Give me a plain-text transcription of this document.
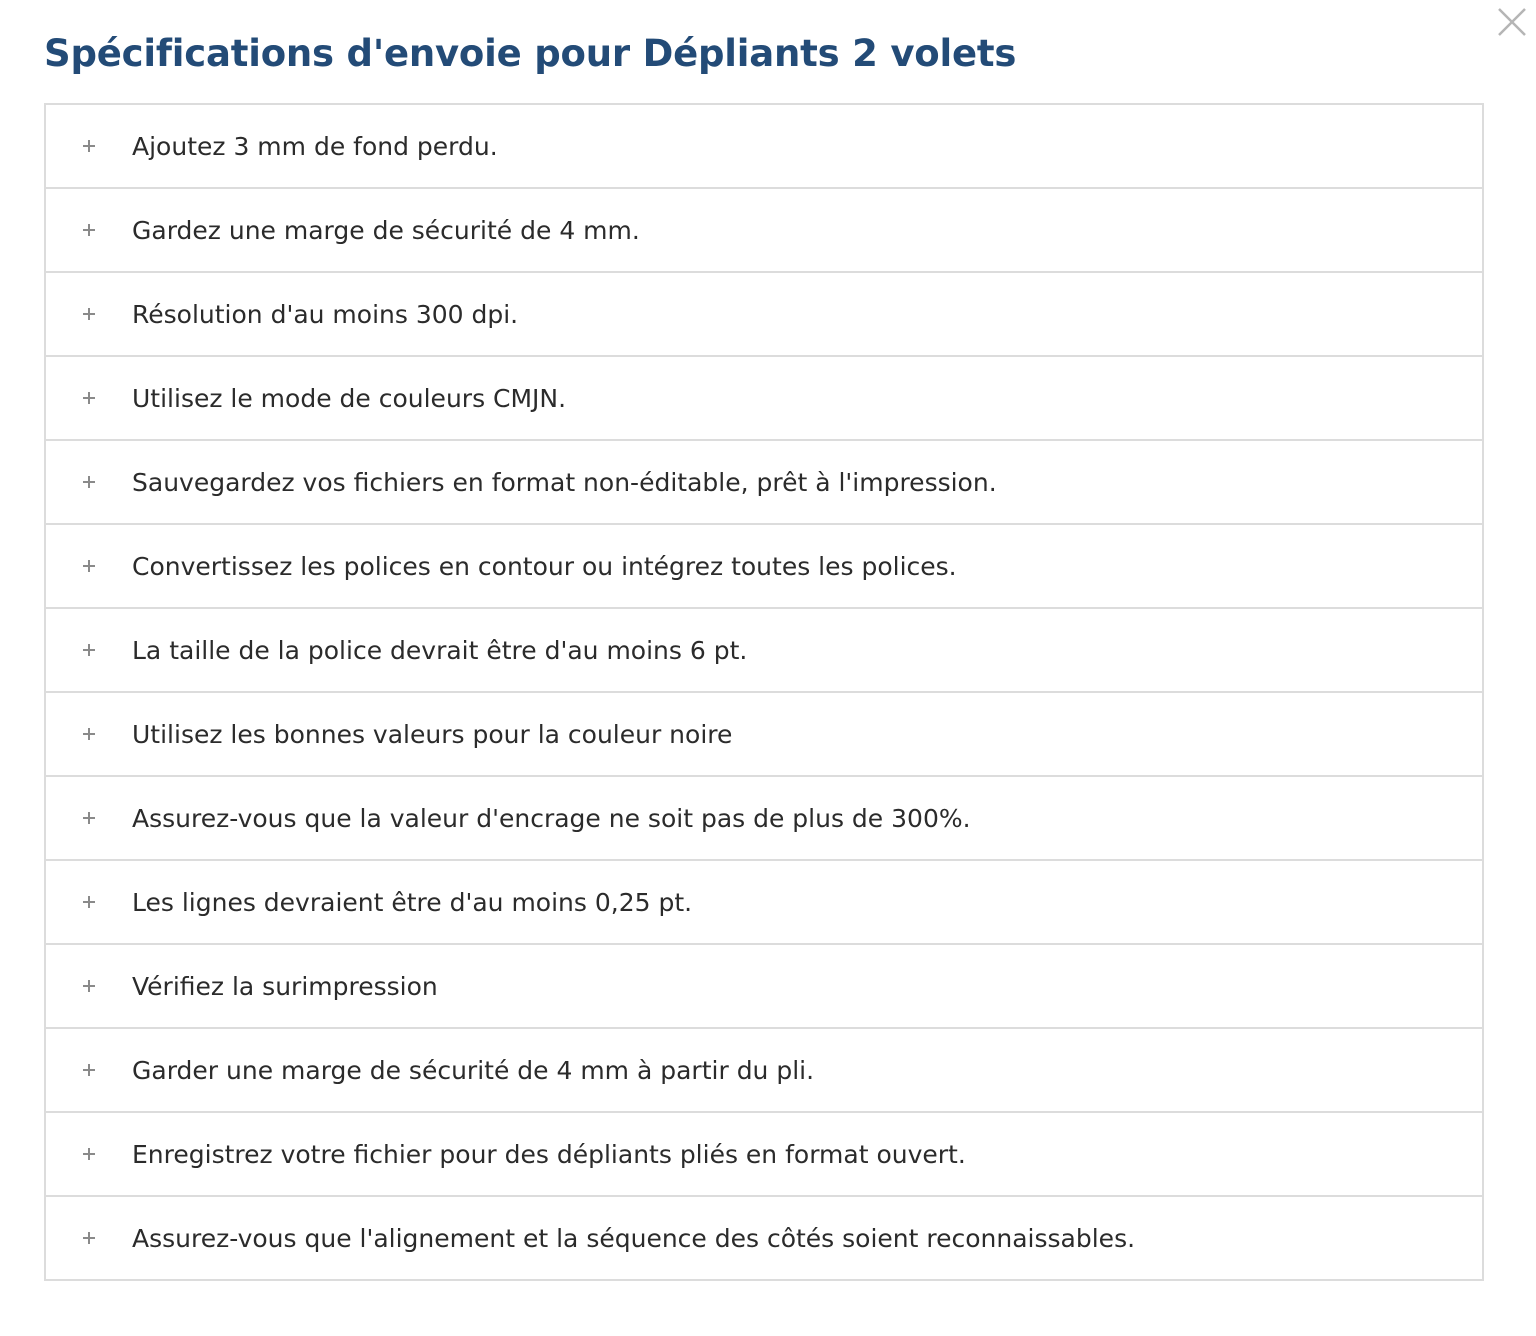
Spécifications d'envoie pour Dépliants 2 volets
Ajoutez 3 mm de fond perdu.
Gardez une marge de sécurité de 4 mm.
Résolution d'au moins 300 dpi.
Utilisez le mode de couleurs CMJN.
Sauvegardez vos fichiers en format non-éditable, prêt à l'impression.
Convertissez les polices en contour ou intégrez toutes les polices.
La taille de la police devrait être d'au moins 6 pt.
Utilisez les bonnes valeurs pour la couleur noire
Assurez-vous que la valeur d'encrage ne soit pas de plus de 300%.
Les lignes devraient être d'au moins 0,25 pt.
Vérifiez la surimpression
Garder une marge de sécurité de 4 mm à partir du pli.
Enregistrez votre fichier pour des dépliants pliés en format ouvert.
Assurez-vous que l'alignement et la séquence des côtés soient reconnaissables.
